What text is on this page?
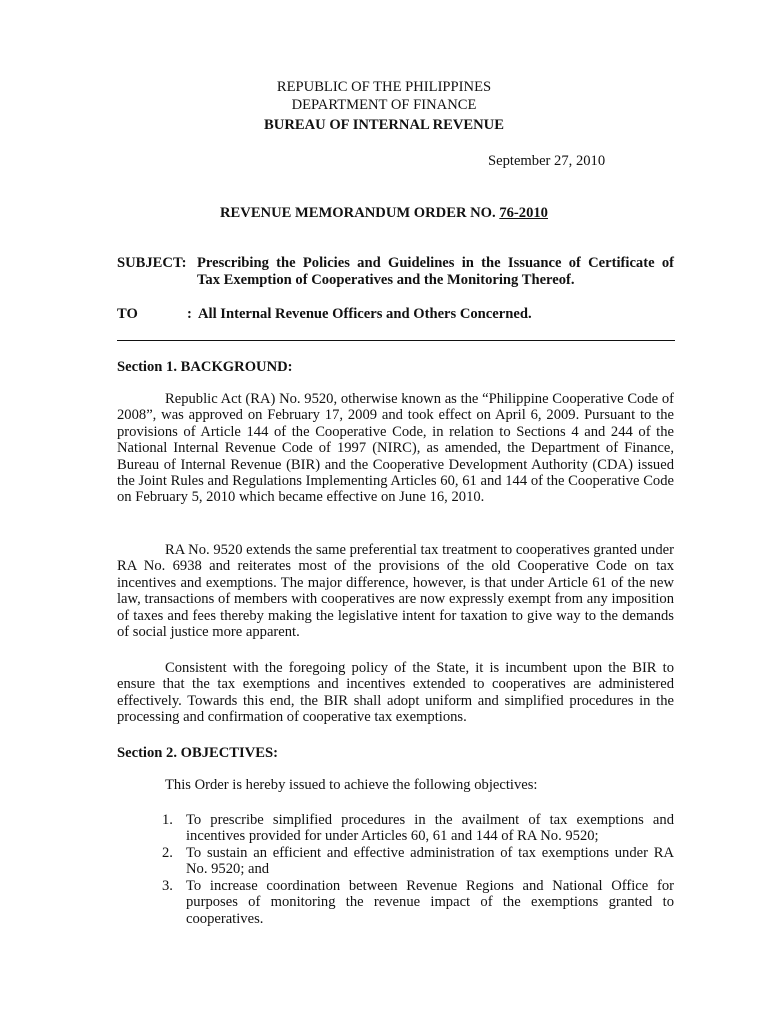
REPUBLIC OF THE PHILIPPINES
DEPARTMENT OF FINANCE
BUREAU OF INTERNAL REVENUE
September 27, 2010
REVENUE MEMORANDUM ORDER NO. 76-2010
SUBJECT: Prescribing the Policies and Guidelines in the Issuance of Certificate of
Tax Exemption of Cooperatives and the Monitoring Thereof.
TO	: All Internal Revenue Officers and Others Concerned.
Section 1. BACKGROUND:
Republic Act (RA) No. 9520, otherwise known as the “Philippine Cooperative Code of 2008”, was approved on February 17, 2009 and took effect on April 6, 2009. Pursuant to the provisions of Article 144 of the Cooperative Code, in relation to Sections 4 and 244 of the National Internal Revenue Code of 1997 (NIRC), as amended, the Department of Finance, Bureau of Internal Revenue (BIR) and the Cooperative Development Authority (CDA) issued the Joint Rules and Regulations Implementing Articles 60, 61 and 144 of the Cooperative Code on February 5, 2010 which became effective on June 16, 2010.
RA No. 9520 extends the same preferential tax treatment to cooperatives granted under RA No. 6938 and reiterates most of the provisions of the old Cooperative Code on tax incentives and exemptions. The major difference, however, is that under Article 61 of the new law, transactions of members with cooperatives are now expressly exempt from any imposition of taxes and fees thereby making the legislative intent for taxation to give way to the demands of social justice more apparent.
Consistent with the foregoing policy of the State, it is incumbent upon the BIR to ensure that the tax exemptions and incentives extended to cooperatives are administered effectively. Towards this end, the BIR shall adopt uniform and simplified procedures in the processing and confirmation of cooperative tax exemptions.
Section 2. OBJECTIVES:
This Order is hereby issued to achieve the following objectives:
1. To prescribe simplified procedures in the availment of tax exemptions and incentives provided for under Articles 60, 61 and 144 of RA No. 9520;
2. To sustain an efficient and effective administration of tax exemptions under RA No. 9520; and
3. To increase coordination between Revenue Regions and National Office for purposes of monitoring the revenue impact of the exemptions granted to cooperatives.
